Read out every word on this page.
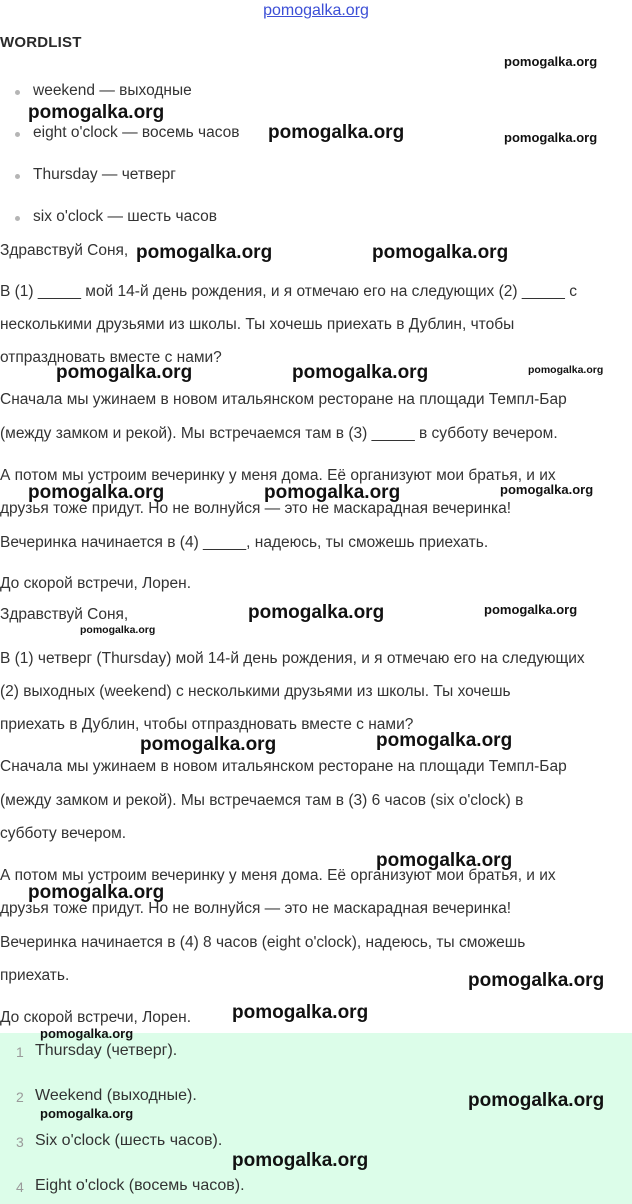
pomogalka.org
WORDLIST
weekend — выходные
eight o'clock — восемь часов
Thursday — четверг
six o'clock — шесть часов
Здравствуй Соня,
В (1) _____ мой 14-й день рождения, и я отмечаю его на следующих (2) _____ с
несколькими друзьями из школы. Ты хочешь приехать в Дублин, чтобы
отпраздновать вместе с нами?
Сначала мы ужинаем в новом итальянском ресторане на площади Темпл-Бар
(между замком и рекой). Мы встречаемся там в (3) _____ в субботу вечером.
А потом мы устроим вечеринку у меня дома. Её организуют мои братья, и их
друзья тоже придут. Но не волнуйся — это не маскарадная вечеринка!
Вечеринка начинается в (4) _____, надеюсь, ты сможешь приехать.
До скорой встречи, Лорен.
Здравствуй Соня,
В (1) четверг (Thursday) мой 14-й день рождения, и я отмечаю его на следующих
(2) выходных (weekend) с несколькими друзьями из школы. Ты хочешь
приехать в Дублин, чтобы отпраздновать вместе с нами?
Сначала мы ужинаем в новом итальянском ресторане на площади Темпл-Бар
(между замком и рекой). Мы встречаемся там в (3) 6 часов (six o'clock) в
субботу вечером.
А потом мы устроим вечеринку у меня дома. Её организуют мои братья, и их
друзья тоже придут. Но не волнуйся — это не маскарадная вечеринка!
Вечеринка начинается в (4) 8 часов (eight o'clock), надеюсь, ты сможешь
приехать.
До скорой встречи, Лорен.
1 Thursday (четверг).
2 Weekend (выходные).
3 Six o'clock (шесть часов).
4 Eight o'clock (восемь часов).
pomogalka.org
pomogalka.org
pomogalka.org	pomogalka.org
pomogalka.org	pomogalka.org
pomogalka.org	pomogalka.org	pomogalka.org
pomogalka.org	pomogalka.org	pomogalka.org
pomogalka.org	pomogalka.org
pomogalka.org
pomogalka.org	pomogalka.org
pomogalka.org
pomogalka.org
pomogalka.org
pomogalka.org
pomogalka.org
pomogalka.org
pomogalka.org
pomogalka.org
